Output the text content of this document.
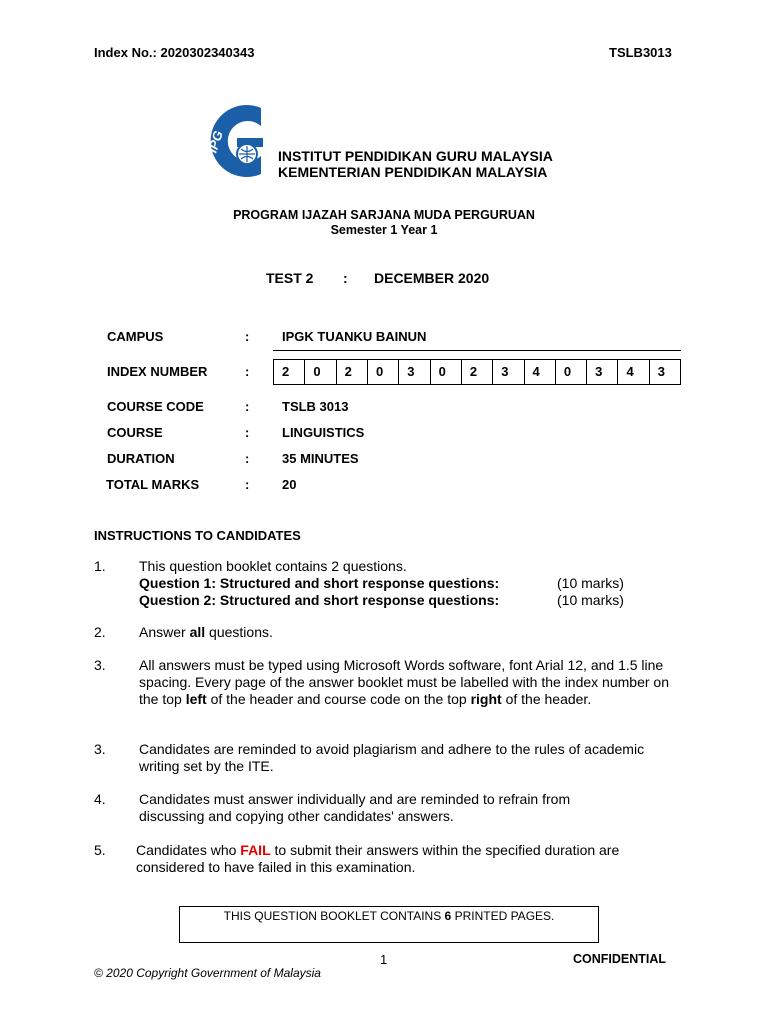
Index No.: 2020302340343	TSLB3013
IPG
INSTITUT PENDIDIKAN GURU MALAYSIA
KEMENTERIAN PENDIDIKAN MALAYSIA
PROGRAM IJAZAH SARJANA MUDA PERGURUAN
Semester 1 Year 1
TEST 2 : DECEMBER 2020
CAMPUS	:	IPGK TUANKU BAINUN
INDEX NUMBER	:	2	0	2	0	3	0	2	3	4	0	3	4	3
COURSE CODE	:	TSLB 3013
COURSE	:	LINGUISTICS
DURATION	:	35 MINUTES
TOTAL MARKS	:	20
INSTRUCTIONS TO CANDIDATES
1. This question booklet contains 2 questions.
Question 1: Structured and short response questions:	(10 marks)
Question 2: Structured and short response questions:	(10 marks)
2. Answer all questions.
3. All answers must be typed using Microsoft Words software, font Arial 12, and 1.5 line spacing. Every page of the answer booklet must be labelled with the index number on the top left of the header and course code on the top right of the header.
3. Candidates are reminded to avoid plagiarism and adhere to the rules of academic writing set by the ITE.
4. Candidates must answer individually and are reminded to refrain from discussing and copying other candidates' answers.
5. Candidates who FAIL to submit their answers within the specified duration are considered to have failed in this examination.
THIS QUESTION BOOKLET CONTAINS 6 PRINTED PAGES.
1	CONFIDENTIAL
© 2020 Copyright Government of Malaysia
